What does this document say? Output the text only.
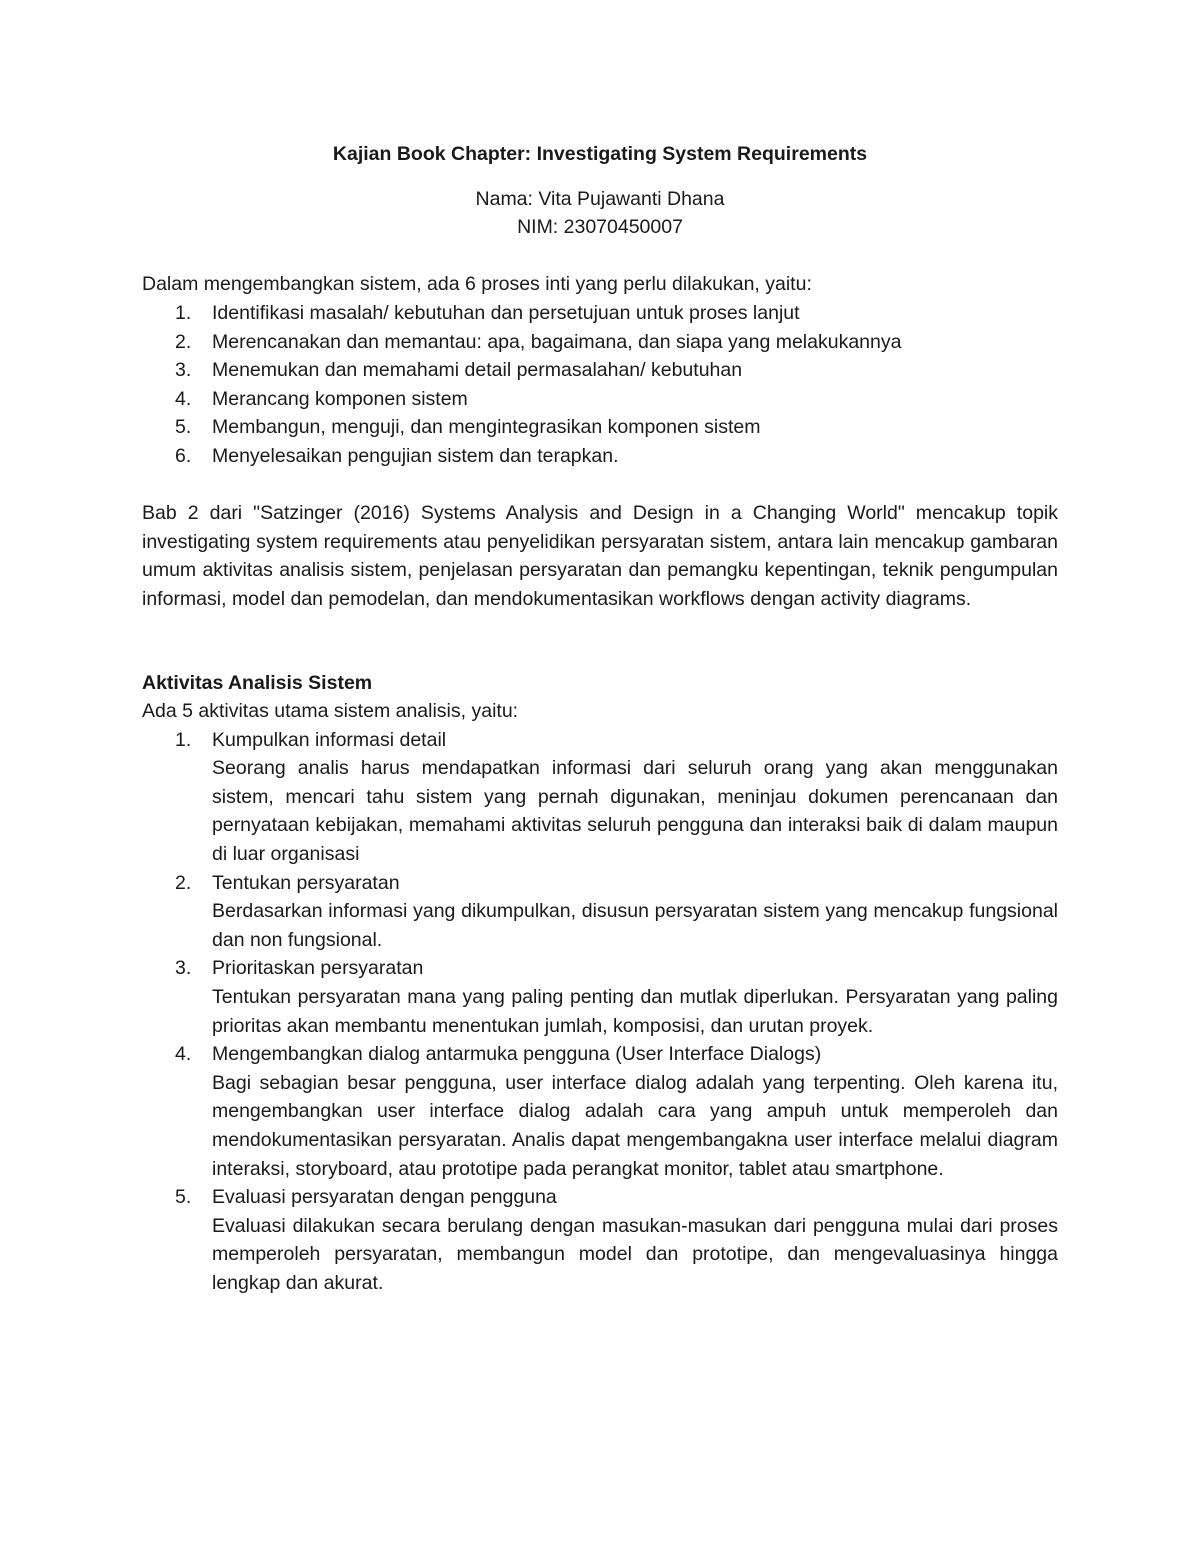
Kajian Book Chapter: Investigating System Requirements

Nama: Vita Pujawanti Dhana

NIM: 23070450007

Dalam mengembangkan sistem, ada 6 proses inti yang perlu dilakukan, yaitu:

1. Identifikasi masalah/ kebutuhan dan persetujuan untuk proses lanjut
2. Merencanakan dan memantau: apa, bagaimana, dan siapa yang melakukannya
3. Menemukan dan memahami detail permasalahan/ kebutuhan
4. Merancang komponen sistem
5. Membangun, menguji, dan mengintegrasikan komponen sistem
6. Menyelesaikan pengujian sistem dan terapkan.

Bab 2 dari "Satzinger (2016) Systems Analysis and Design in a Changing World" mencakup topik investigating system requirements atau penyelidikan persyaratan sistem, antara lain mencakup gambaran umum aktivitas analisis sistem, penjelasan persyaratan dan pemangku kepentingan, teknik pengumpulan informasi, model dan pemodelan, dan mendokumentasikan workflows dengan activity diagrams.

Aktivitas Analisis Sistem

Ada 5 aktivitas utama sistem analisis, yaitu:

1. Kumpulkan informasi detail
Seorang analis harus mendapatkan informasi dari seluruh orang yang akan menggunakan sistem, mencari tahu sistem yang pernah digunakan, meninjau dokumen perencanaan dan pernyataan kebijakan, memahami aktivitas seluruh pengguna dan interaksi baik di dalam maupun di luar organisasi
2. Tentukan persyaratan
Berdasarkan informasi yang dikumpulkan, disusun persyaratan sistem yang mencakup fungsional dan non fungsional.
3. Prioritaskan persyaratan
Tentukan persyaratan mana yang paling penting dan mutlak diperlukan. Persyaratan yang paling prioritas akan membantu menentukan jumlah, komposisi, dan urutan proyek.
4. Mengembangkan dialog antarmuka pengguna (User Interface Dialogs)
Bagi sebagian besar pengguna, user interface dialog adalah yang terpenting. Oleh karena itu, mengembangkan user interface dialog adalah cara yang ampuh untuk memperoleh dan mendokumentasikan persyaratan. Analis dapat mengembangakna user interface melalui diagram interaksi, storyboard, atau prototipe pada perangkat monitor, tablet atau smartphone.
5. Evaluasi persyaratan dengan pengguna
Evaluasi dilakukan secara berulang dengan masukan-masukan dari pengguna mulai dari proses memperoleh persyaratan, membangun model dan prototipe, dan mengevaluasinya hingga lengkap dan akurat.
